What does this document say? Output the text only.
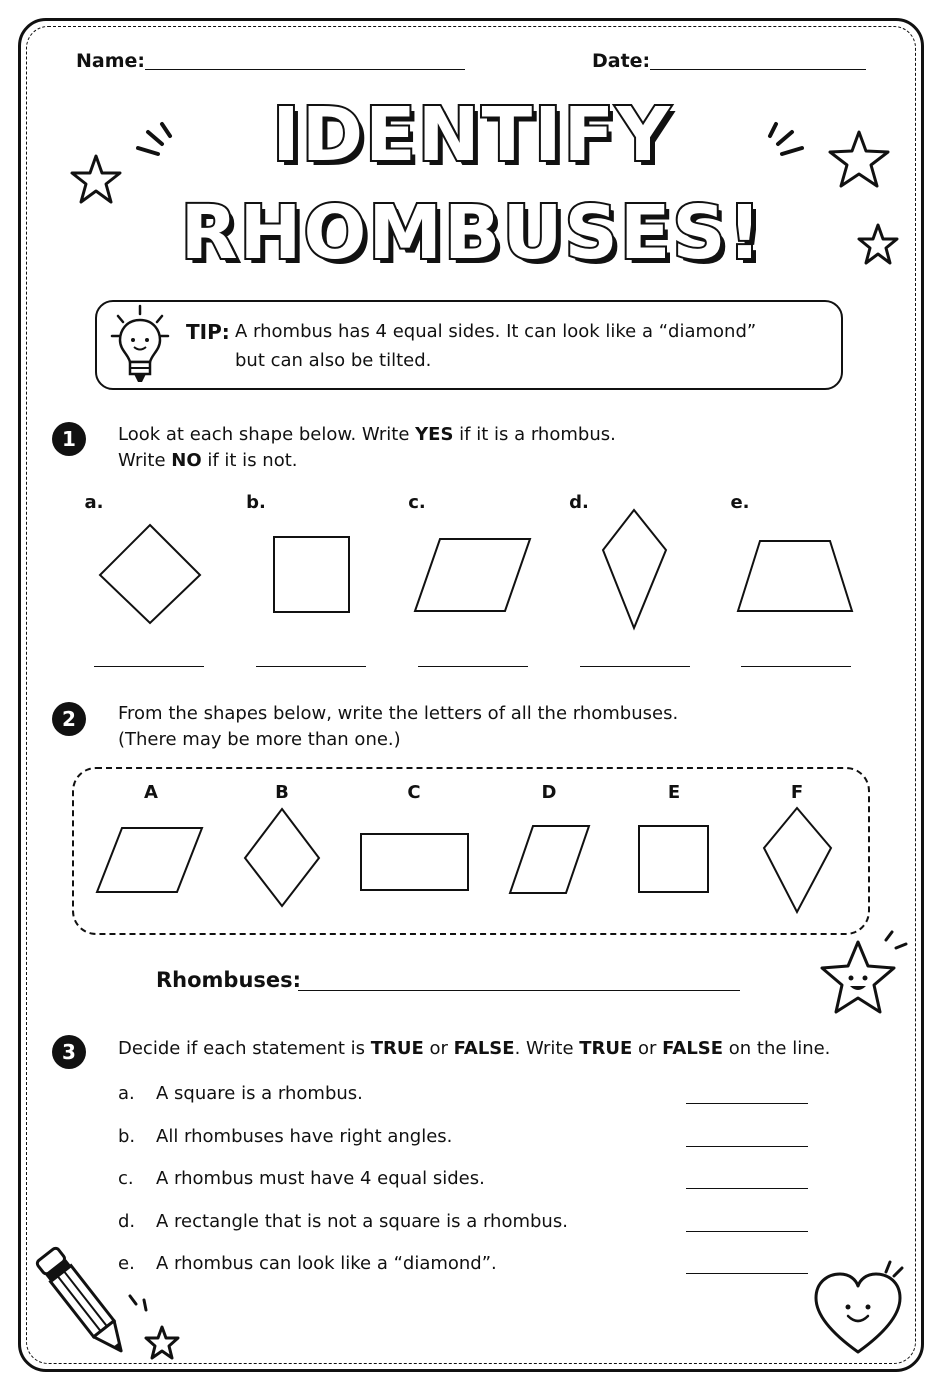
Name:	Date:
IDENTIFY
RHOMBUSES!
TIP: A rhombus has 4 equal sides. It can look like a “diamond”
but can also be tilted.
1	Look at each shape below. Write YES if it is a rhombus.
Write NO if it is not.
a.	b.	c.	d.	e.
2	From the shapes below, write the letters of all the rhombuses.
(There may be more than one.)
A	B	C	D	E	F
Rhombuses:
3	Decide if each statement is TRUE or FALSE. Write TRUE or FALSE on the line.
a. A square is a rhombus.
b. All rhombuses have right angles.
c. A rhombus must have 4 equal sides.
d. A rectangle that is not a square is a rhombus.
e. A rhombus can look like a “diamond”.
